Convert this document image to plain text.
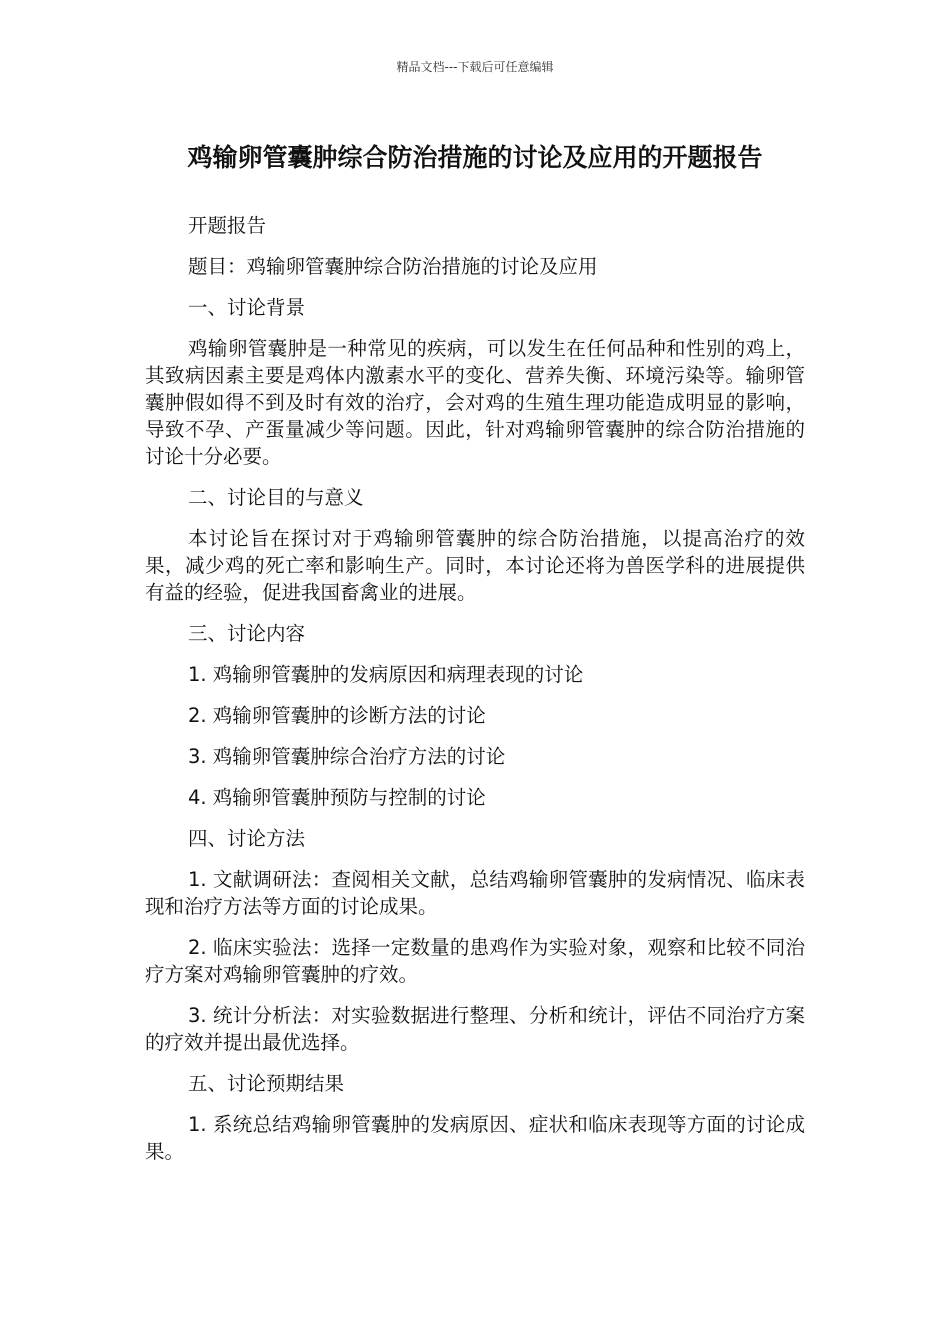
精品文档---下载后可任意编辑
鸡输卵管囊肿综合防治措施的讨论及应用的开题报告

开题报告

题目：鸡输卵管囊肿综合防治措施的讨论及应用

一、讨论背景

鸡输卵管囊肿是一种常见的疾病，可以发生在任何品种和性别的鸡上，其致病因素主要是鸡体内激素水平的变化、营养失衡、环境污染等。输卵管囊肿假如得不到及时有效的治疗，会对鸡的生殖生理功能造成明显的影响，导致不孕、产蛋量减少等问题。因此，针对鸡输卵管囊肿的综合防治措施的讨论十分必要。

二、讨论目的与意义

本讨论旨在探讨对于鸡输卵管囊肿的综合防治措施，以提高治疗的效果，减少鸡的死亡率和影响生产。同时，本讨论还将为兽医学科的进展提供有益的经验，促进我国畜禽业的进展。

三、讨论内容

1. 鸡输卵管囊肿的发病原因和病理表现的讨论

2. 鸡输卵管囊肿的诊断方法的讨论

3. 鸡输卵管囊肿综合治疗方法的讨论

4. 鸡输卵管囊肿预防与控制的讨论

四、讨论方法

1. 文献调研法：查阅相关文献，总结鸡输卵管囊肿的发病情况、临床表现和治疗方法等方面的讨论成果。

2. 临床实验法：选择一定数量的患鸡作为实验对象，观察和比较不同治疗方案对鸡输卵管囊肿的疗效。

3. 统计分析法：对实验数据进行整理、分析和统计，评估不同治疗方案的疗效并提出最优选择。

五、讨论预期结果

1. 系统总结鸡输卵管囊肿的发病原因、症状和临床表现等方面的讨论成果。
